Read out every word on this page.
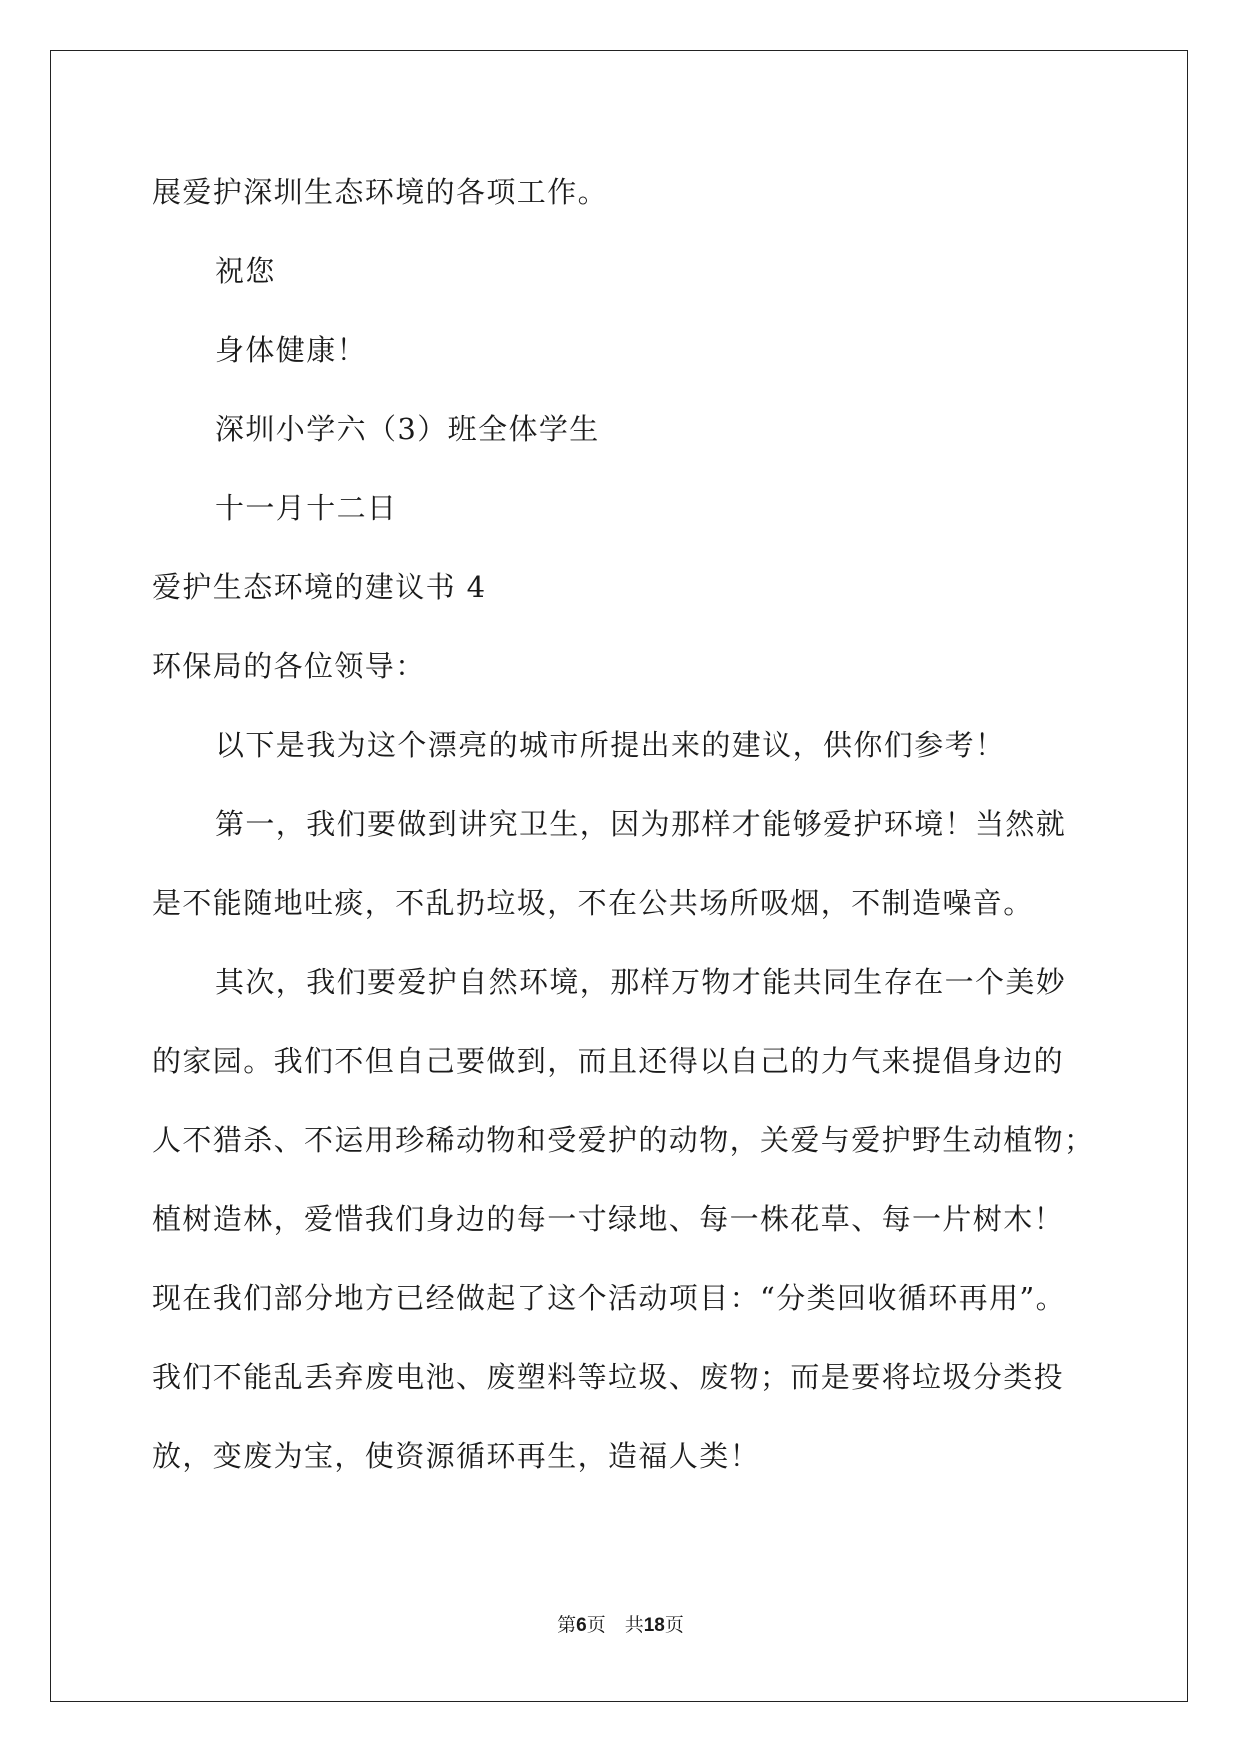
展爱护深圳生态环境的各项工作。
祝您
身体健康！
深圳小学六（3）班全体学生
十一月十二日
爱护生态环境的建议书 4
环保局的各位领导：
以下是我为这个漂亮的城市所提出来的建议，供你们参考！
第一，我们要做到讲究卫生，因为那样才能够爱护环境！当然就
是不能随地吐痰，不乱扔垃圾，不在公共场所吸烟，不制造噪音。
其次，我们要爱护自然环境，那样万物才能共同生存在一个美妙
的家园。我们不但自己要做到，而且还得以自己的力气来提倡身边的
人不猎杀、不运用珍稀动物和受爱护的动物，关爱与爱护野生动植物；
植树造林，爱惜我们身边的每一寸绿地、每一株花草、每一片树木！
现在我们部分地方已经做起了这个活动项目：“分类回收循环再用”。
我们不能乱丢弃废电池、废塑料等垃圾、废物；而是要将垃圾分类投
放，变废为宝，使资源循环再生，造福人类！
第6页　共18页
